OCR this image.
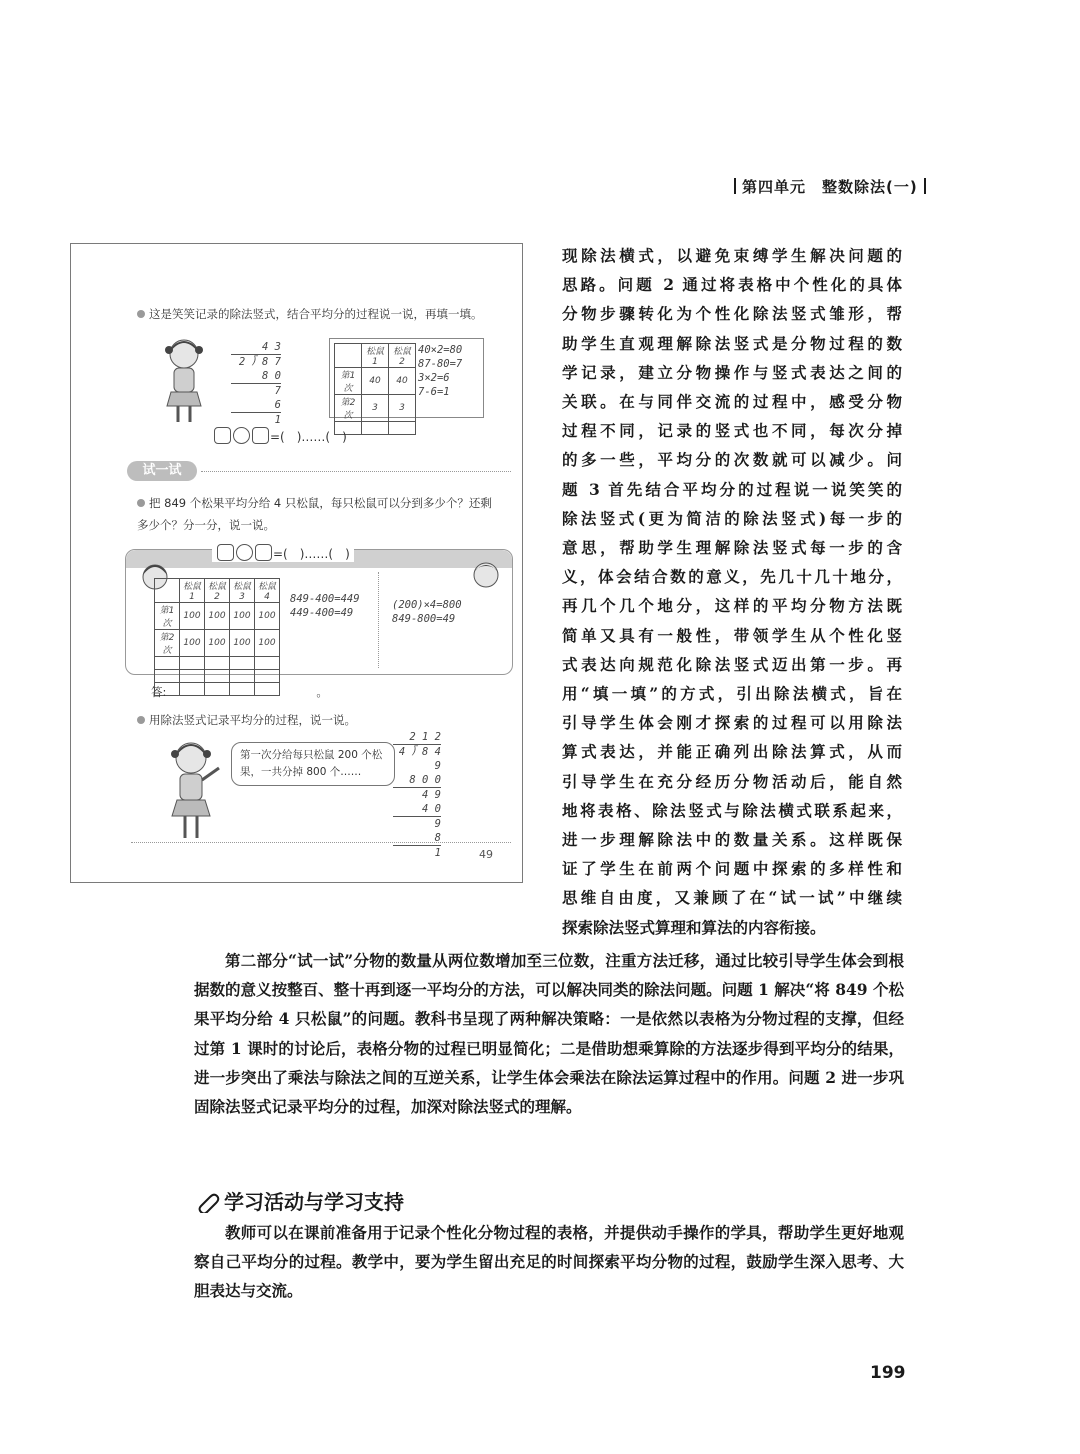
第四单元　整数除法(一)
这是笑笑记录的除法竖式，结合平均分的过程说一说，再填一填。
4 3
2 ⟌ 8 7
8 0
7
6
1
	松鼠1	松鼠2
第1次	40	40
第2次	3	3

40×2=80
87-80=7
3×2=6
7-6=1
=(　)……(　)
试一试
把 849 个松果平均分给 4 只松鼠，每只松鼠可以分到多少个？还剩多少个？分一分，说一说。
=(　)……(　)
	松鼠1	松鼠2	松鼠3	松鼠4
第1次	100	100	100	100
第2次	100	100	100	100

849-400=449
449-400=49
(200)×4=800
849-800=49
答:	。
用除法竖式记录平均分的过程，说一说。
第一次分给每只松鼠 200 个松果，一共分掉 800 个……
2 1 2
4 ⟌ 8 4 9
8 0 0
4 9
4 0
9
8
1	49

现除法横式，以避免束缚学生解决问题的

思路。问题 2 通过将表格中个性化的具体

分物步骤转化为个性化除法竖式雏形，帮

助学生直观理解除法竖式是分物过程的数

学记录，建立分物操作与竖式表达之间的

关联。在与同伴交流的过程中，感受分物

过程不同，记录的竖式也不同，每次分掉

的多一些，平均分的次数就可以减少。问

题 3 首先结合平均分的过程说一说笑笑的

除法竖式(更为简洁的除法竖式)每一步的

意思，帮助学生理解除法竖式每一步的含

义，体会结合数的意义，先几十几十地分，

再几个几个地分，这样的平均分物方法既

简单又具有一般性，带领学生从个性化竖

式表达向规范化除法竖式迈出第一步。再

用“填一填”的方式，引出除法横式，旨在

引导学生体会刚才探索的过程可以用除法

算式表达，并能正确列出除法算式，从而

引导学生在充分经历分物活动后，能自然

地将表格、除法竖式与除法横式联系起来，

进一步理解除法中的数量关系。这样既保

证了学生在前两个问题中探索的多样性和

思维自由度，又兼顾了在“试一试”中继续

探索除法竖式算理和算法的内容衔接。

第二部分“试一试”分物的数量从两位数增加至三位数，注重方法迁移，通过比较引导学生体会到根据数的意义按整百、整十再到逐一平均分的方法，可以解决同类的除法问题。问题 1 解决“将 849 个松果平均分给 4 只松鼠”的问题。教科书呈现了两种解决策略：一是依然以表格为分物过程的支撑，但经过第 1 课时的讨论后，表格分物的过程已明显简化；二是借助想乘算除的方法逐步得到平均分的结果，进一步突出了乘法与除法之间的互逆关系，让学生体会乘法在除法运算过程中的作用。问题 2 进一步巩固除法竖式记录平均分的过程，加深对除法竖式的理解。

学习活动与学习支持

教师可以在课前准备用于记录个性化分物过程的表格，并提供动手操作的学具，帮助学生更好地观察自己平均分的过程。教学中，要为学生留出充足的时间探索平均分物的过程，鼓励学生深入思考、大胆表达与交流。

199
